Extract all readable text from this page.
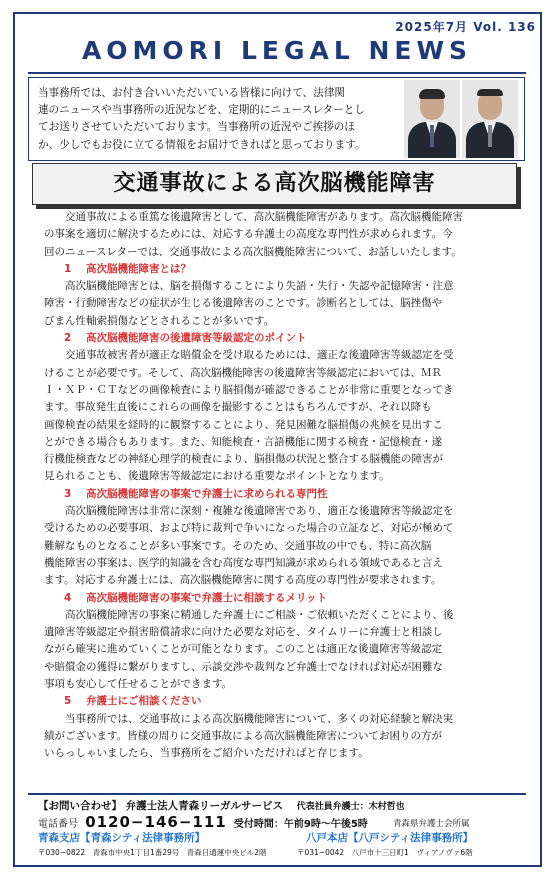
2025年7月 Vol. 136
AOMORI LEGAL NEWS
当事務所では、お付き合いいただいている皆様に向けて、法律関
連のニュースや当事務所の近況などを、定期的にニュースレターとし
てお送りさせていただいております。当事務所の近況やご挨拶のほ
か、少しでもお役に立てる情報をお届けできればと思っております。
交通事故による高次脳機能障害

交通事故による重篤な後遺障害として、高次脳機能障害があります。高次脳機能障害

の事案を適切に解決するためには、対応する弁護士の高度な専門性が求められます。今
回のニュースレターでは、交通事故による高次脳機能障害について、お話しいたします。

1 高次脳機能障害とは？

高次脳機能障害とは、脳を損傷することにより失語・失行・失認や記憶障害・注意
障害・行動障害などの症状が生じる後遺障害のことです。診断名としては、脳挫傷や
びまん性軸索損傷などとされることが多いです。

2 高次脳機能障害の後遺障害等級認定のポイント

交通事故被害者が適正な賠償金を受け取るためには、適正な後遺障害等級認定を受
けることが必要です。そして、高次脳機能障害の後遺障害等級認定においては、ＭＲ
Ｉ・ＸＰ・ＣＴなどの画像検査により脳損傷が確認できることが非常に重要となってき
ます。事故発生直後にこれらの画像を撮影することはもちろんですが、それ以降も
画像検査の結果を経時的に観察することにより、発見困難な脳損傷の兆候を見出すこ
とができる場合もあります。また、知能検査・言語機能に関する検査・記憶検査・遂
行機能検査などの神経心理学的検査により、脳損傷の状況と整合する脳機能の障害が
見られることも、後遺障害等級認定における重要なポイントとなります。

3 高次脳機能障害の事案で弁護士に求められる専門性

高次脳機能障害は非常に深刻・複雑な後遺障害であり、適正な後遺障害等級認定を
受けるための必要事項、および特に裁判で争いになった場合の立証など、対応が極めて
難解なものとなることが多い事案です。そのため、交通事故の中でも、特に高次脳
機能障害の事案は、医学的知識を含む高度な専門知識が求められる領域であると言え
ます。対応する弁護士には、高次脳機能障害に関する高度の専門性が要求されます。

4 高次脳機能障害の事案で弁護士に相談するメリット

高次脳機能障害の事案に精通した弁護士にご相談・ご依頼いただくことにより、後
遺障害等級認定や損害賠償請求に向けた必要な対応を、タイムリーに弁護士と相談し
ながら確実に進めていくことが可能となります。このことは適正な後遺障害等級認定
や賠償金の獲得に繋がりますし、示談交渉や裁判など弁護士でなければ対応が困難な
事項も安心して任せることができます。

5 弁護士にご相談ください

当事務所では、交通事故による高次脳機能障害について、多くの対応経験と解決実
績がございます。皆様の周りに交通事故による高次脳機能障害についてお困りの方が
いらっしゃいましたら、当事務所をご紹介いただければと存じます。

【お問い合わせ】 弁護士法人青森リーガルサービス 代表社員弁護士：木村哲也
電話番号 0120−146−111 受付時間：午前9時〜午後5時	青森県弁護士会所属
青森支店【青森シティ法律事務所】	八戸本店【八戸シティ法律事務所】
〒030−0822　青森市中央1丁目1番29号　青森日通運中央ビル2階	〒031−0042　八戸市十三日町1　ヴィアノヴァ6階
